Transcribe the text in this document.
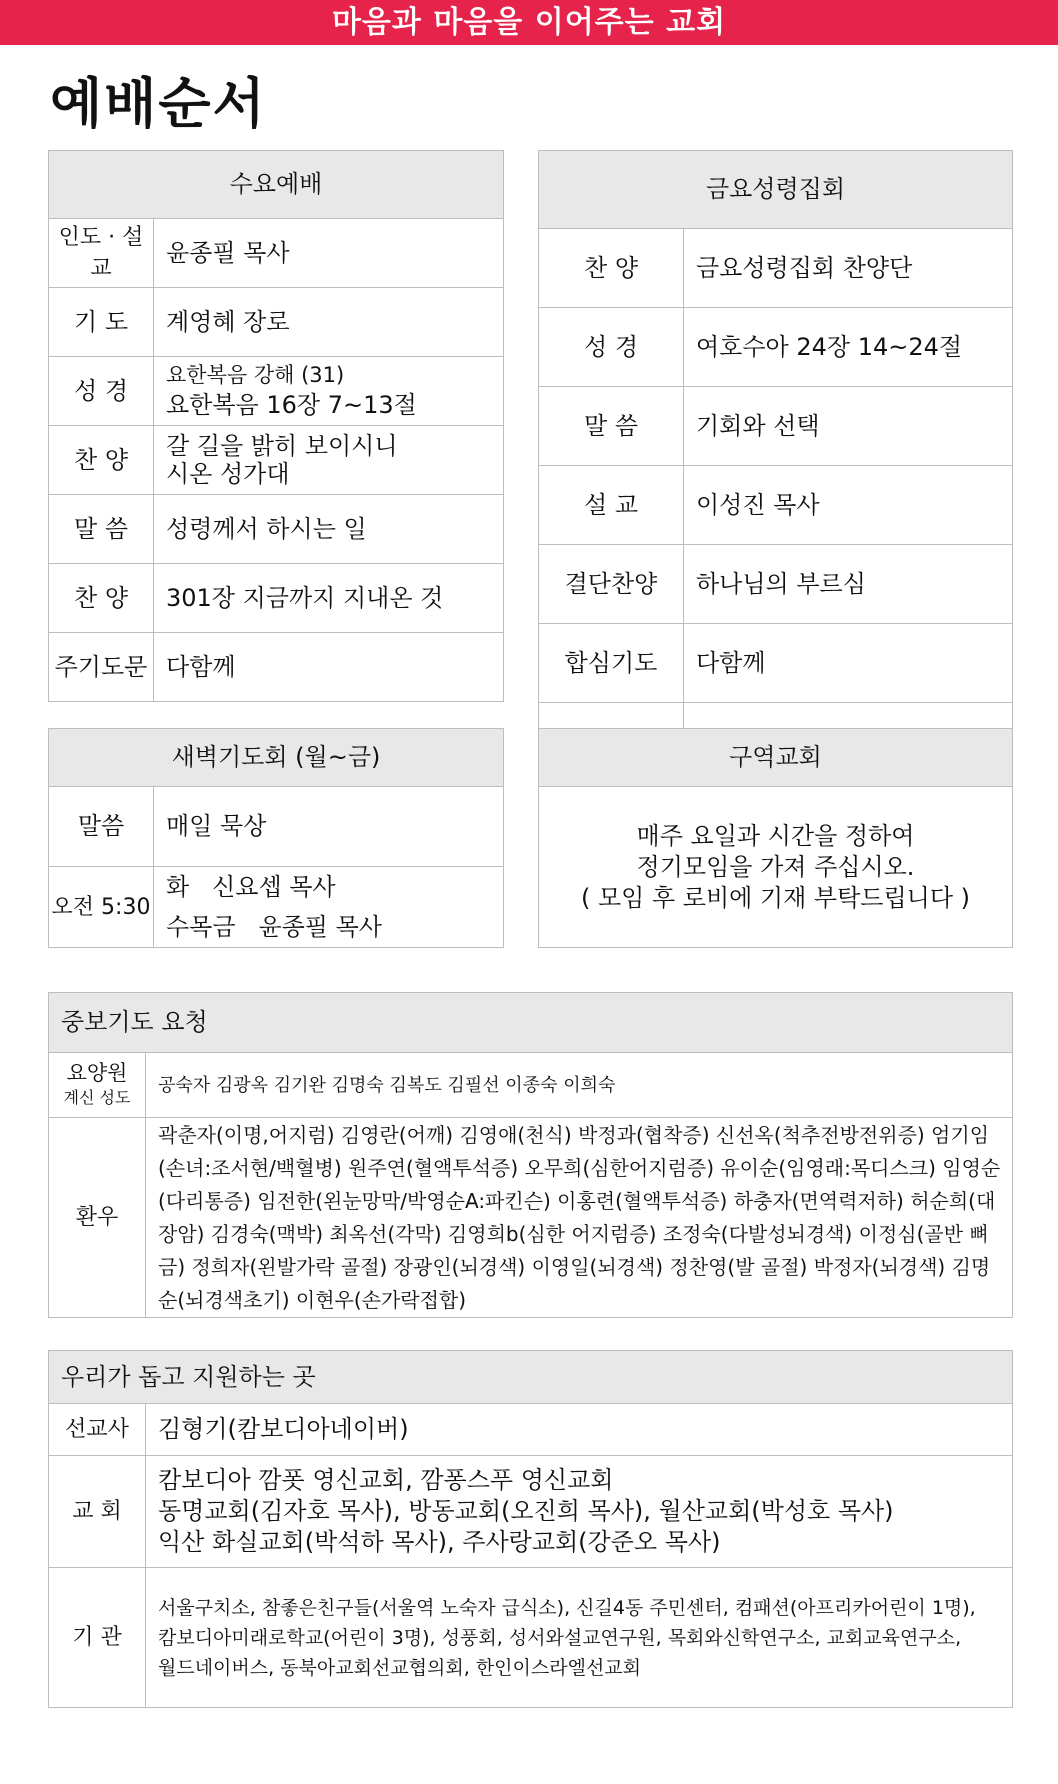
마음과 마음을 이어주는 교회
예배순서
수요예배	
인도 · 설교	윤종필 목사
기 도	계영혜 장로
성 경	요한복음 강해 (31)
요한복음 16장 7~13절

찬 양	갈 길을 밝히 보이시니
시온 성가대

말 씀	성령께서 하시는 일
찬 양	301장 지금까지 지내온 것
주기도문	다함께
금요성령집회	
찬 양	금요성령집회 찬양단
성 경	여호수아 24장 14~24절
말 씀	기회와 선택
설 교	이성진 목사
결단찬양	하나님의 부르심
합심기도	다함께

새벽기도회 (월~금)	
말씀	매일 묵상
오전 5:30	화   신요셉 목사
수목금   윤종필 목사
구역교회

매주 요일과 시간을 정하여
정기모임을 가져 주십시오.
( 모임 후 로비에 기재 부탁드립니다 )
중보기도 요청	

요양원
계신 성도	공숙자 김광옥 김기완 김명숙 김복도 김필선 이종숙 이희숙
환우	곽춘자(이명,어지럼) 김영란(어깨) 김영애(천식) 박정과(협착증) 신선옥(척추전방전위증) 엄기임(손녀:조서현/백혈병) 원주연(혈액투석증) 오무희(심한어지럼증) 유이순(임영래:목디스크) 임영순(다리통증) 임전한(왼눈망막/박영순A:파킨슨) 이홍련(혈액투석증) 하충자(면역력저하) 허순희(대장암) 김경숙(맥박) 최옥선(각막) 김영희b(심한 어지럼증) 조정숙(다발성뇌경색) 이정심(골반 뼈 금) 정희자(왼발가락 골절) 장광인(뇌경색) 이영일(뇌경색) 정찬영(발 골절) 박정자(뇌경색) 김명순(뇌경색초기) 이현우(손가락접합)
우리가 돕고 지원하는 곳	
선교사	김형기(캄보디아네이버)
교 회	캄보디아 깜폿 영신교회, 깜퐁스푸 영신교회
동명교회(김자호 목사), 방동교회(오진희 목사), 월산교회(박성호 목사)
익산 화실교회(박석하 목사), 주사랑교회(강준오 목사)

기 관	서울구치소, 참좋은친구들(서울역 노숙자 급식소), 신길4동 주민센터, 컴패션(아프리카어린이 1명),
캄보디아미래로학교(어린이 3명), 성풍회, 성서와설교연구원, 목회와신학연구소, 교회교육연구소,
월드네이버스, 동북아교회선교협의회, 한인이스라엘선교회
